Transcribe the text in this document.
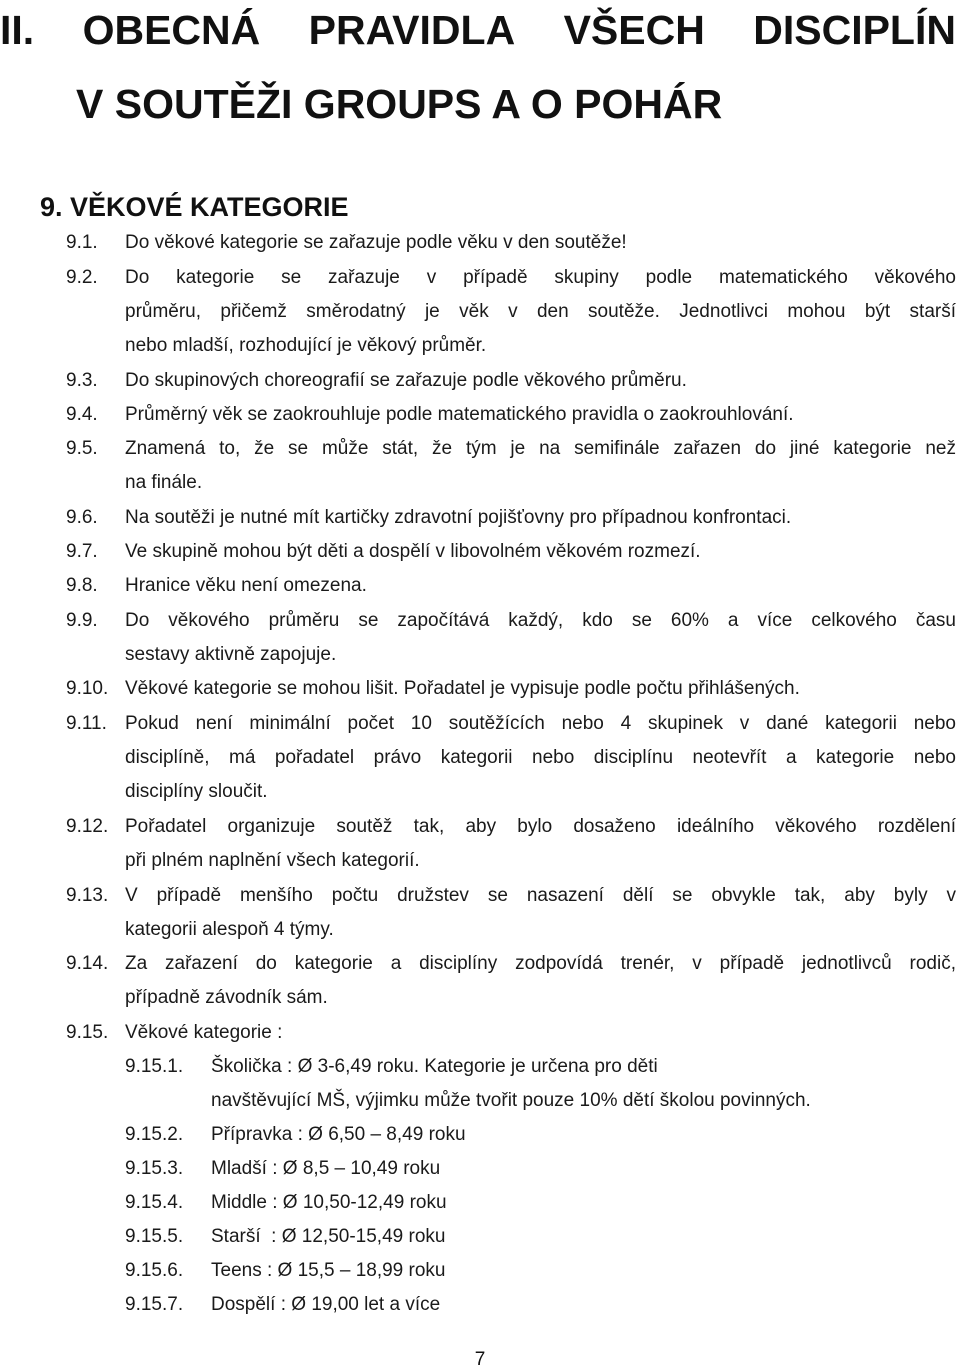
II. OBECNÁ PRAVIDLA VŠECH DISCIPLÍN
V SOUTĚŽI GROUPS A O POHÁR
9. VĚKOVÉ KATEGORIE
9.1. Do věkové kategorie se zařazuje podle věku v den soutěže!
9.2. Do kategorie se zařazuje v případě skupiny podle matematického věkového
průměru, přičemž směrodatný je věk v den soutěže. Jednotlivci mohou být starší
nebo mladší, rozhodující je věkový průměr.
9.3. Do skupinových choreografií se zařazuje podle věkového průměru.
9.4. Průměrný věk se zaokrouhluje podle matematického pravidla o zaokrouhlování.
9.5. Znamená to, že se může stát, že tým je na semifinále zařazen do jiné kategorie než
na finále.
9.6. Na soutěži je nutné mít kartičky zdravotní pojišťovny pro případnou konfrontaci.
9.7. Ve skupině mohou být děti a dospělí v libovolném věkovém rozmezí.
9.8. Hranice věku není omezena.
9.9. Do věkového průměru se započítává každý, kdo se 60% a více celkového času
sestavy aktivně zapojuje.
9.10. Věkové kategorie se mohou lišit. Pořadatel je vypisuje podle počtu přihlášených.
9.11. Pokud není minimální počet 10 soutěžících nebo 4 skupinek v dané kategorii nebo
disciplíně, má pořadatel právo kategorii nebo disciplínu neotevřít a kategorie nebo
disciplíny sloučit.
9.12. Pořadatel organizuje soutěž tak, aby bylo dosaženo ideálního věkového rozdělení
při plném naplnění všech kategorií.
9.13. V případě menšího počtu družstev se nasazení dělí se obvykle tak, aby byly v
kategorii alespoň 4 týmy.
9.14. Za zařazení do kategorie a disciplíny zodpovídá trenér, v případě jednotlivců rodič,
případně závodník sám.
9.15. Věkové kategorie :
9.15.1. Školička : Ø 3-6,49 roku. Kategorie je určena pro děti
navštěvující MŠ, výjimku může tvořit pouze 10% dětí školou povinných.
9.15.2. Přípravka : Ø 6,50 – 8,49 roku
9.15.3. Mladší : Ø 8,5 – 10,49 roku
9.15.4. Middle : Ø 10,50-12,49 roku
9.15.5. Starší  : Ø 12,50-15,49 roku
9.15.6. Teens : Ø 15,5 – 18,99 roku
9.15.7. Dospělí : Ø 19,00 let a více
7
